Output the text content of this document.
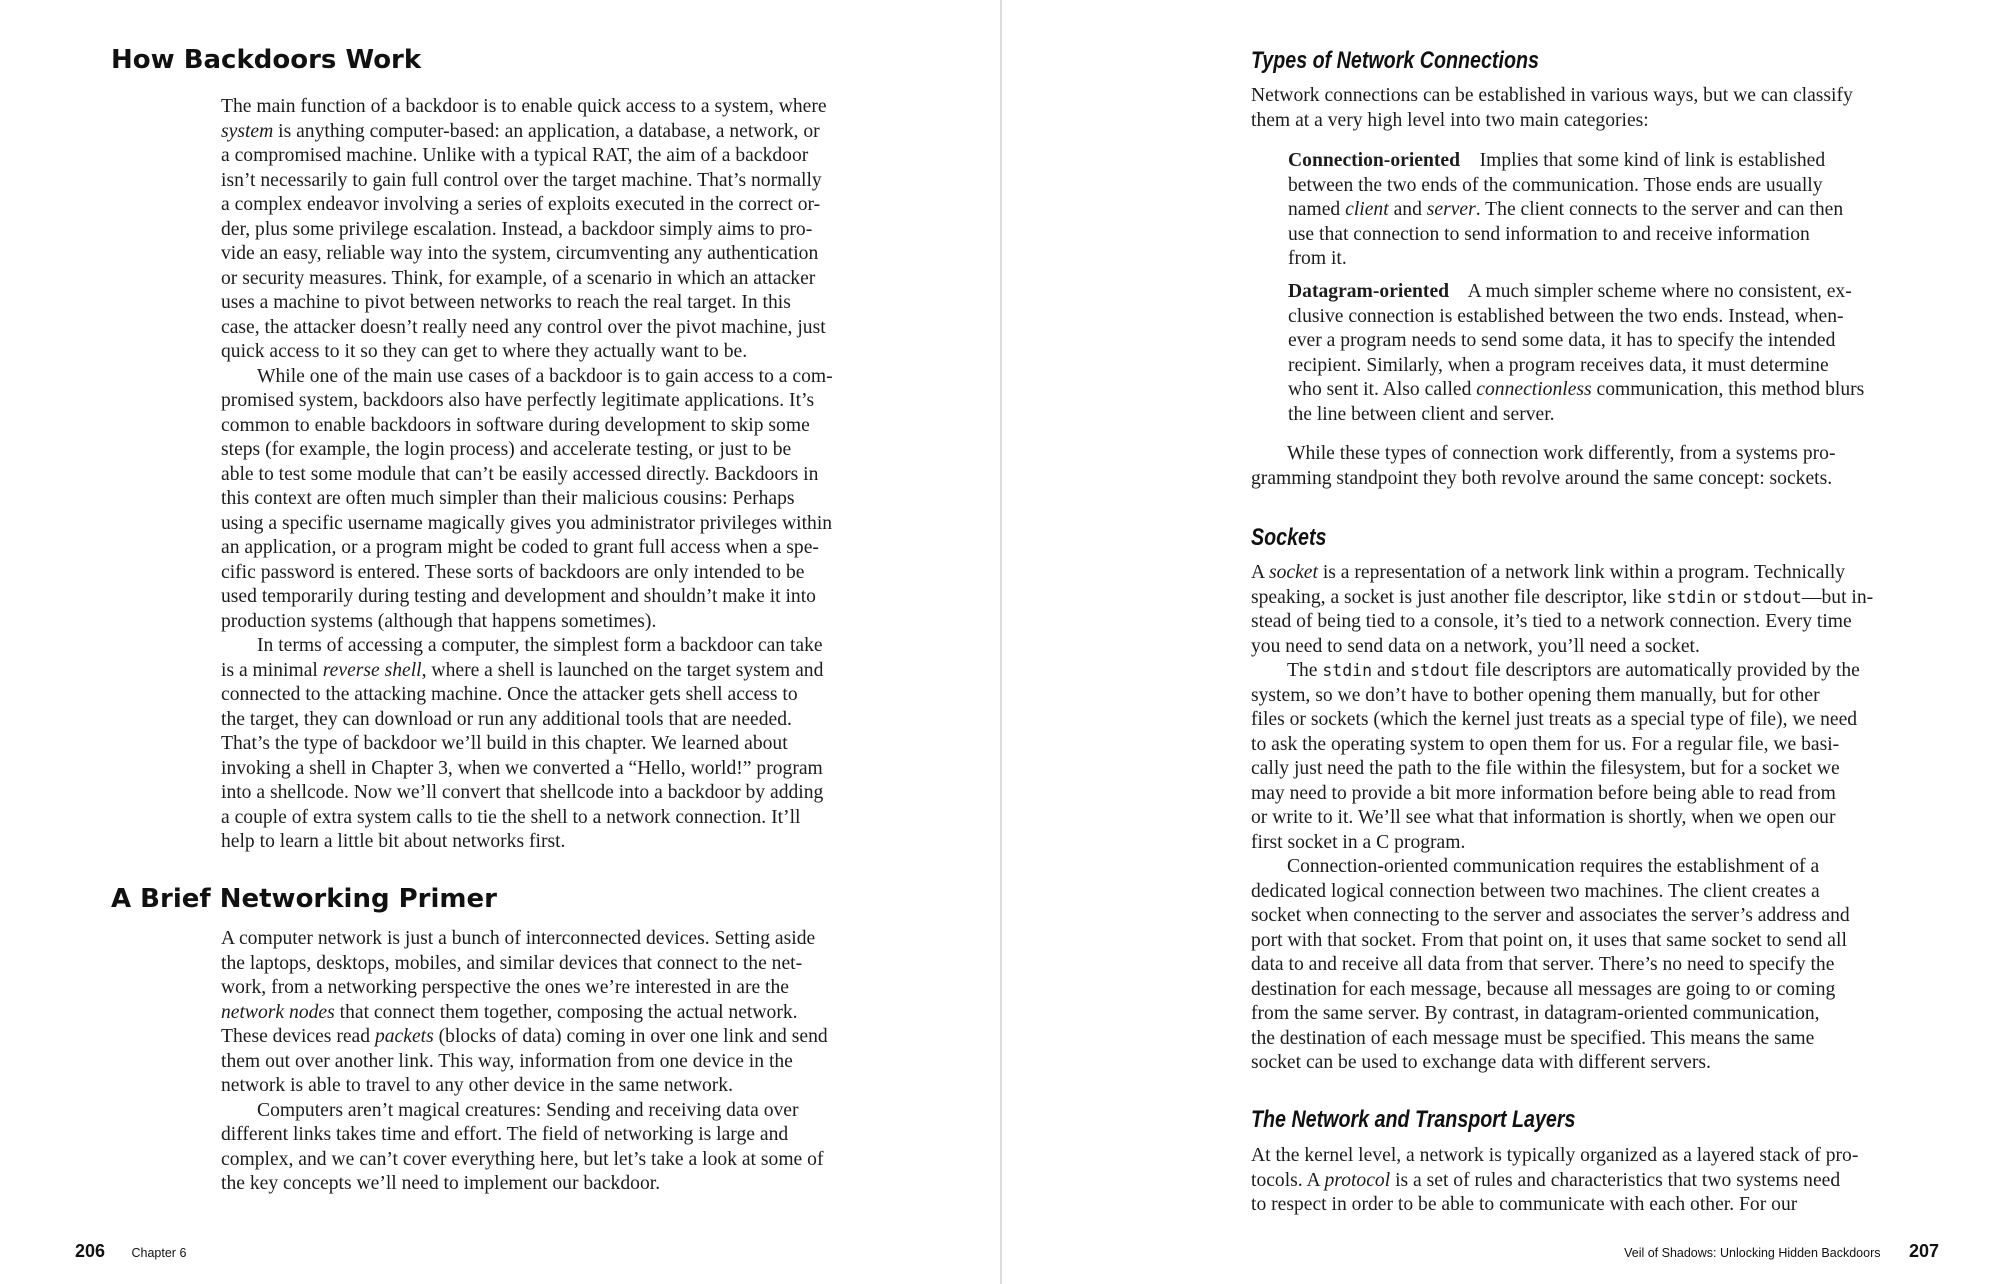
How Backdoors Work
The main function of a backdoor is to enable quick access to a system, where
system is anything computer-based: an application, a database, a network, or
a compromised machine. Unlike with a typical RAT, the aim of a backdoor
isn’t necessarily to gain full control over the target machine. That’s normally
a complex endeavor involving a series of exploits executed in the correct or-
der, plus some privilege escalation. Instead, a backdoor simply aims to pro-
vide an easy, reliable way into the system, circumventing any authentication
or security measures. Think, for example, of a scenario in which an attacker
uses a machine to pivot between networks to reach the real target. In this
case, the attacker doesn’t really need any control over the pivot machine, just
quick access to it so they can get to where they actually want to be.
While one of the main use cases of a backdoor is to gain access to a com-
promised system, backdoors also have perfectly legitimate applications. It’s
common to enable backdoors in software during development to skip some
steps (for example, the login process) and accelerate testing, or just to be
able to test some module that can’t be easily accessed directly. Backdoors in
this context are often much simpler than their malicious cousins: Perhaps
using a specific username magically gives you administrator privileges within
an application, or a program might be coded to grant full access when a spe-
cific password is entered. These sorts of backdoors are only intended to be
used temporarily during testing and development and shouldn’t make it into
production systems (although that happens sometimes).
In terms of accessing a computer, the simplest form a backdoor can take
is a minimal reverse shell, where a shell is launched on the target system and
connected to the attacking machine. Once the attacker gets shell access to
the target, they can download or run any additional tools that are needed.
That’s the type of backdoor we’ll build in this chapter. We learned about
invoking a shell in Chapter 3, when we converted a “Hello, world!” program
into a shellcode. Now we’ll convert that shellcode into a backdoor by adding
a couple of extra system calls to tie the shell to a network connection. It’ll
help to learn a little bit about networks first.
A Brief Networking Primer
A computer network is just a bunch of interconnected devices. Setting aside
the laptops, desktops, mobiles, and similar devices that connect to the net-
work, from a networking perspective the ones we’re interested in are the
network nodes that connect them together, composing the actual network.
These devices read packets (blocks of data) coming in over one link and send
them out over another link. This way, information from one device in the
network is able to travel to any other device in the same network.
Computers aren’t magical creatures: Sending and receiving data over
different links takes time and effort. The field of networking is large and
complex, and we can’t cover everything here, but let’s take a look at some of
the key concepts we’ll need to implement our backdoor.
206 Chapter 6
Types of Network Connections
Network connections can be established in various ways, but we can classify
them at a very high level into two main categories:
Connection-oriented    Implies that some kind of link is established
between the two ends of the communication. Those ends are usually
named client and server. The client connects to the server and can then
use that connection to send information to and receive information
from it.
Datagram-oriented    A much simpler scheme where no consistent, ex-
clusive connection is established between the two ends. Instead, when-
ever a program needs to send some data, it has to specify the intended
recipient. Similarly, when a program receives data, it must determine
who sent it. Also called connectionless communication, this method blurs
the line between client and server.
While these types of connection work differently, from a systems pro-
gramming standpoint they both revolve around the same concept: sockets.
Sockets
A socket is a representation of a network link within a program. Technically
speaking, a socket is just another file descriptor, like stdin or stdout—but in-
stead of being tied to a console, it’s tied to a network connection. Every time
you need to send data on a network, you’ll need a socket.
The stdin and stdout file descriptors are automatically provided by the
system, so we don’t have to bother opening them manually, but for other
files or sockets (which the kernel just treats as a special type of file), we need
to ask the operating system to open them for us. For a regular file, we basi-
cally just need the path to the file within the filesystem, but for a socket we
may need to provide a bit more information before being able to read from
or write to it. We’ll see what that information is shortly, when we open our
first socket in a C program.
Connection-oriented communication requires the establishment of a
dedicated logical connection between two machines. The client creates a
socket when connecting to the server and associates the server’s address and
port with that socket. From that point on, it uses that same socket to send all
data to and receive all data from that server. There’s no need to specify the
destination for each message, because all messages are going to or coming
from the same server. By contrast, in datagram-oriented communication,
the destination of each message must be specified. This means the same
socket can be used to exchange data with different servers.
The Network and Transport Layers
At the kernel level, a network is typically organized as a layered stack of pro-
tocols. A protocol is a set of rules and characteristics that two systems need
to respect in order to be able to communicate with each other. For our
Veil of Shadows: Unlocking Hidden Backdoors 207
